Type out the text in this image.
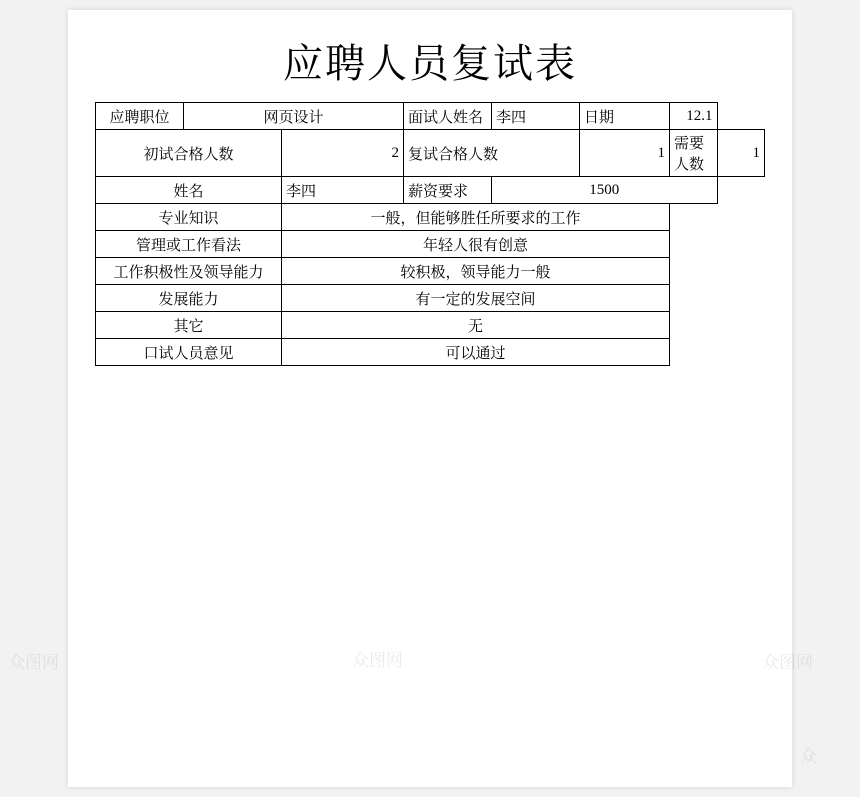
应聘人员复试表
应聘职位	网页设计		面试人姓名	李四	日期	12.1	
初试合格人数		2	复试合格人数		1	需要人数	1
姓名		李四	薪资要求	1500			
专业知识		一般，但能够胜任所要求的工作					
管理或工作看法		年轻人很有创意					
工作积极性及领导能力		较积极，领导能力一般					
发展能力		有一定的发展空间					
其它		无					
口试人员意见		可以通过					
众图网
众
